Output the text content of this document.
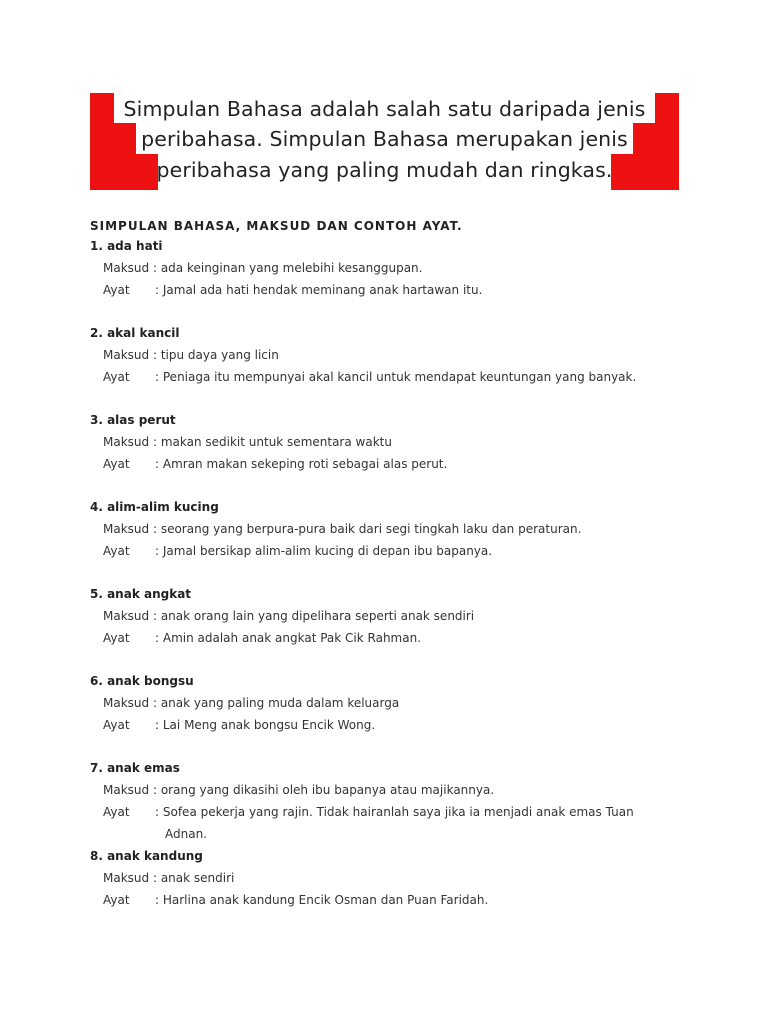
Simpulan Bahasa adalah salah satu daripada jenis
peribahasa. Simpulan Bahasa merupakan jenis
peribahasa yang paling mudah dan ringkas.
SIMPULAN BAHASA, MAKSUD DAN CONTOH AYAT.
1. ada hati
Maksud : ada keinginan yang melebihi kesanggupan.
Ayat : Jamal ada hati hendak meminang anak hartawan itu.
2. akal kancil
Maksud : tipu daya yang licin
Ayat : Peniaga itu mempunyai akal kancil untuk mendapat keuntungan yang banyak.
3. alas perut
Maksud : makan sedikit untuk sementara waktu
Ayat : Amran makan sekeping roti sebagai alas perut.
4. alim-alim kucing
Maksud : seorang yang berpura-pura baik dari segi tingkah laku dan peraturan.
Ayat : Jamal bersikap alim-alim kucing di depan ibu bapanya.
5. anak angkat
Maksud : anak orang lain yang dipelihara seperti anak sendiri
Ayat : Amin adalah anak angkat Pak Cik Rahman.
6. anak bongsu
Maksud : anak yang paling muda dalam keluarga
Ayat : Lai Meng anak bongsu Encik Wong.
7. anak emas
Maksud : orang yang dikasihi oleh ibu bapanya atau majikannya.
Ayat : Sofea pekerja yang rajin. Tidak hairanlah saya jika ia menjadi anak emas Tuan
Adnan.
8. anak kandung
Maksud : anak sendiri
Ayat : Harlina anak kandung Encik Osman dan Puan Faridah.
